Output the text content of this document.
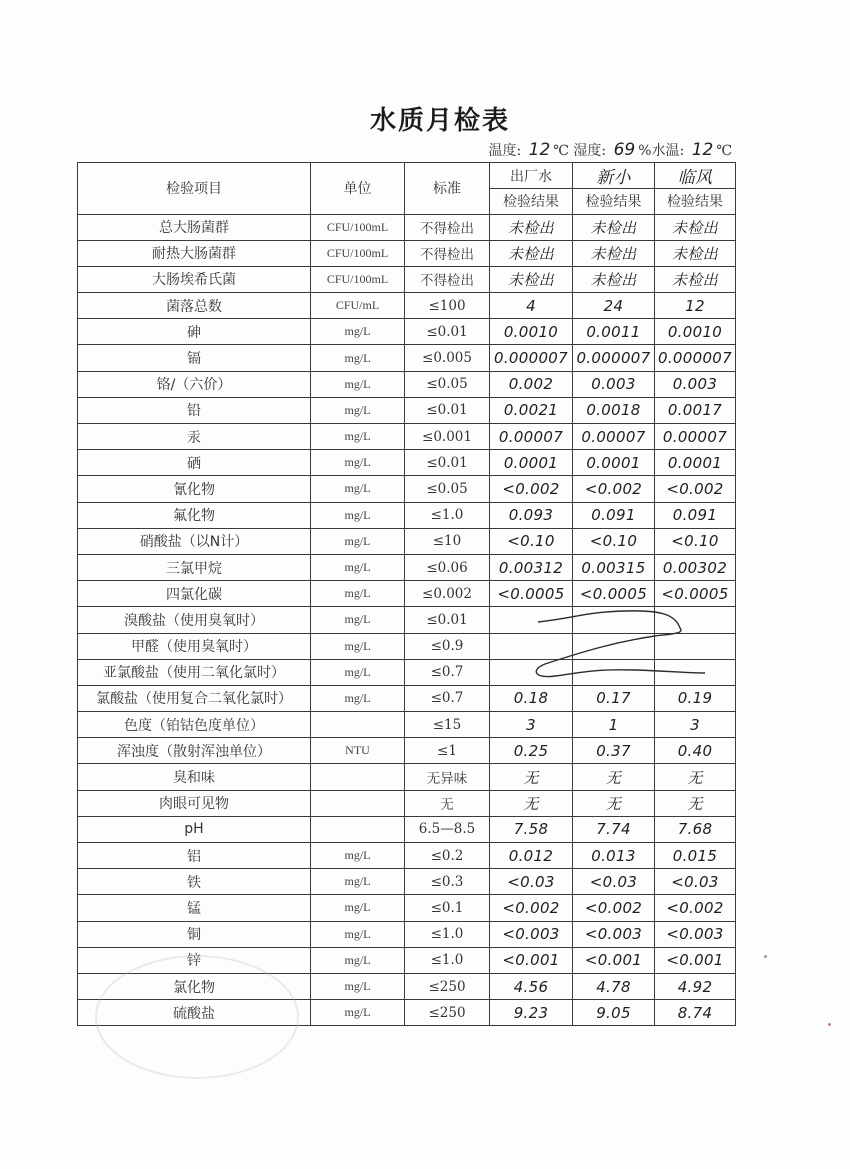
水质月检表
温度: 12 ℃ 湿度: 69 %水温: 12 ℃
检验项目	单位	标准	出厂水	新小	临风
			检验结果	检验结果	检验结果
总大肠菌群	CFU/100mL	不得检出	未检出	未检出	未检出
耐热大肠菌群	CFU/100mL	不得检出	未检出	未检出	未检出
大肠埃希氏菌	CFU/100mL	不得检出	未检出	未检出	未检出
菌落总数	CFU/mL	≤100	4	24	12
砷	mg/L	≤0.01	0.0010	0.0011	0.0010
镉	mg/L	≤0.005	0.000007	0.000007	0.000007
铬/（六价）	mg/L	≤0.05	0.002	0.003	0.003
铅	mg/L	≤0.01	0.0021	0.0018	0.0017
汞	mg/L	≤0.001	0.00007	0.00007	0.00007
硒	mg/L	≤0.01	0.0001	0.0001	0.0001
氰化物	mg/L	≤0.05	<0.002	<0.002	<0.002
氟化物	mg/L	≤1.0	0.093	0.091	0.091
硝酸盐（以N计）	mg/L	≤10	<0.10	<0.10	<0.10
三氯甲烷	mg/L	≤0.06	0.00312	0.00315	0.00302
四氯化碳	mg/L	≤0.002	<0.0005	<0.0005	<0.0005
溴酸盐（使用臭氧时）	mg/L	≤0.01			
甲醛（使用臭氧时）	mg/L	≤0.9			
亚氯酸盐（使用二氧化氯时）	mg/L	≤0.7			
氯酸盐（使用复合二氧化氯时）	mg/L	≤0.7	0.18	0.17	0.19
色度（铂钴色度单位）		≤15	3	1	3
浑浊度（散射浑浊单位）	NTU	≤1	0.25	0.37	0.40
臭和味		无异味	无	无	无
肉眼可见物		无	无	无	无
pH		6.5—8.5	7.58	7.74	7.68
铝	mg/L	≤0.2	0.012	0.013	0.015
铁	mg/L	≤0.3	<0.03	<0.03	<0.03
锰	mg/L	≤0.1	<0.002	<0.002	<0.002
铜	mg/L	≤1.0	<0.003	<0.003	<0.003
锌	mg/L	≤1.0	<0.001	<0.001	<0.001
氯化物	mg/L	≤250	4.56	4.78	4.92
硫酸盐	mg/L	≤250	9.23	9.05	8.74
